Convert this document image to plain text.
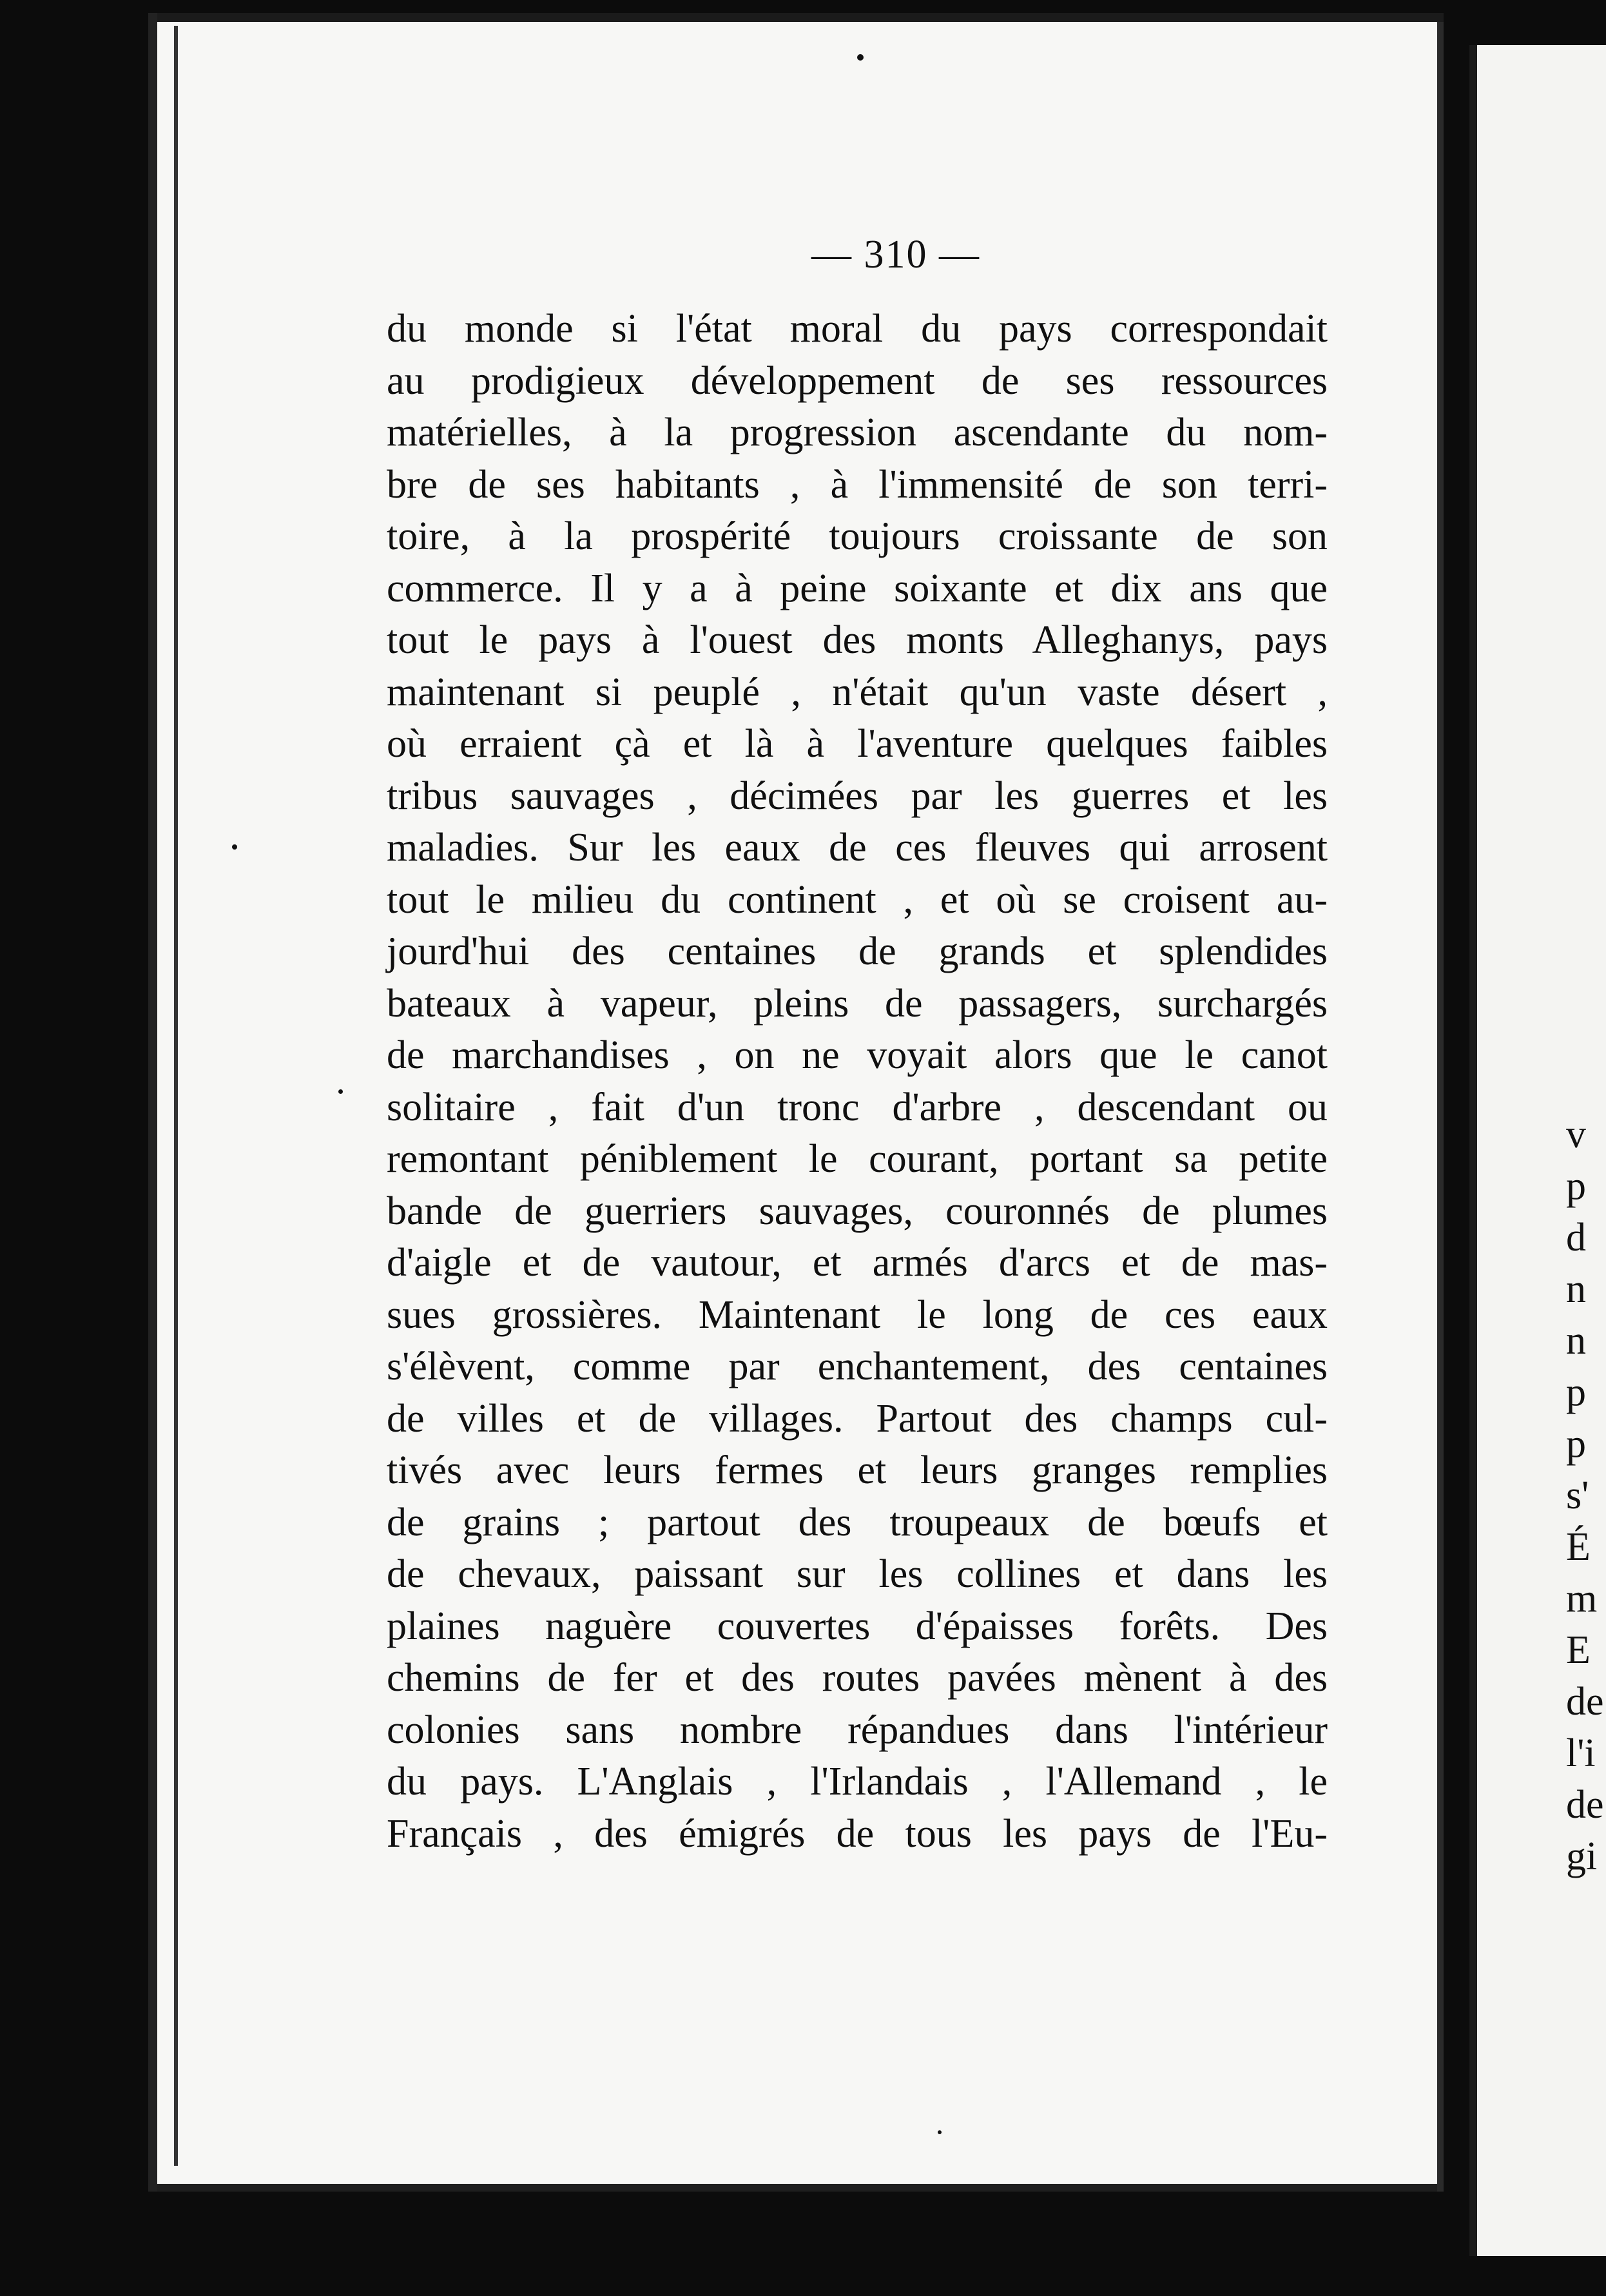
— 310 —
du monde si l'état moral du pays correspondait
au prodigieux développement de ses ressources
matérielles, à la progression ascendante du nom-
bre de ses habitants , à l'immensité de son terri-
toire, à la prospérité toujours croissante de son
commerce. Il y a à peine soixante et dix ans que
tout le pays à l'ouest des monts Alleghanys, pays
maintenant si peuplé , n'était qu'un vaste désert ,
où erraient çà et là à l'aventure quelques faibles
tribus sauvages , décimées par les guerres et les
maladies. Sur les eaux de ces fleuves qui arrosent
tout le milieu du continent , et où se croisent au-
jourd'hui des centaines de grands et splendides
bateaux à vapeur, pleins de passagers, surchargés
de marchandises , on ne voyait alors que le canot
solitaire , fait d'un tronc d'arbre , descendant ou
remontant péniblement le courant, portant sa petite
bande de guerriers sauvages, couronnés de plumes
d'aigle et de vautour, et armés d'arcs et de mas-
sues grossières. Maintenant le long de ces eaux
s'élèvent, comme par enchantement, des centaines
de villes et de villages. Partout des champs cul-
tivés avec leurs fermes et leurs granges remplies
de grains ; partout des troupeaux de bœufs et
de chevaux, paissant sur les collines et dans les
plaines naguère couvertes d'épaisses forêts. Des
chemins de fer et des routes pavées mènent à des
colonies sans nombre répandues dans l'intérieur
du pays. L'Anglais , l'Irlandais , l'Allemand , le
Français , des émigrés de tous les pays de l'Eu-
v
p
d
n
n
p
p
s'
É
m
E
de
l'i
de
gi
